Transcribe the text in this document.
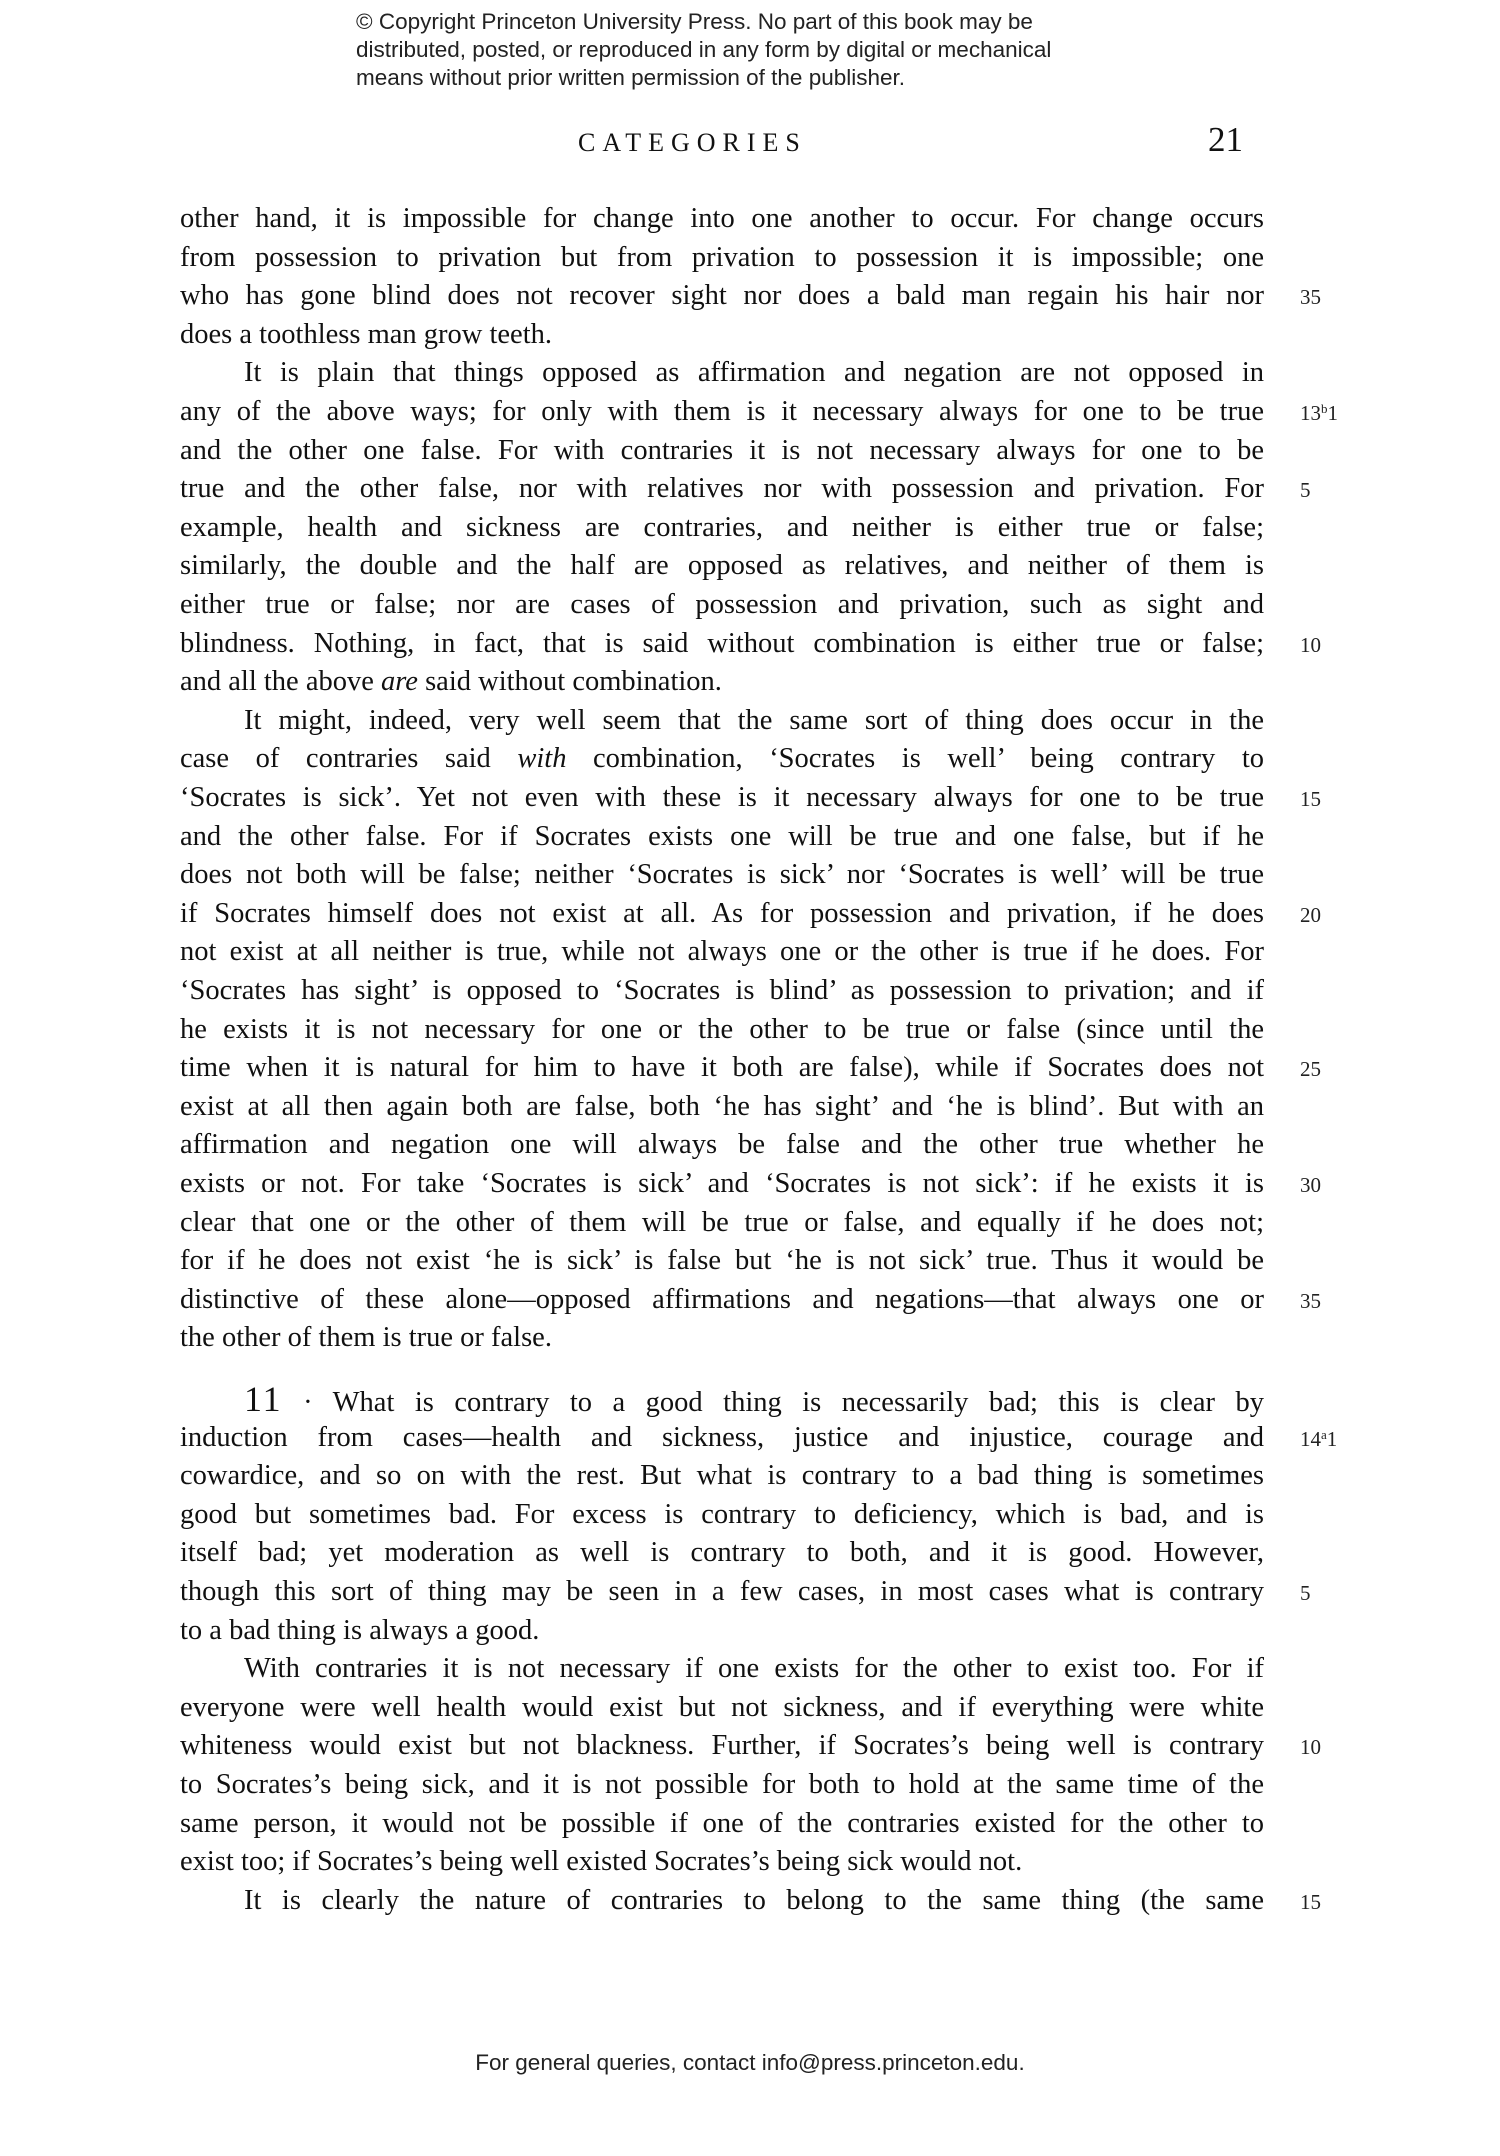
© Copyright Princeton University Press. No part of this book may be
distributed, posted, or reproduced in any form by digital or mechanical
means without prior written permission of the publisher.
CATEGORIES	21
other hand, it is impossible for change into one another to occur. For change occurs
from possession to privation but from privation to possession it is impossible; one
who has gone blind does not recover sight nor does a bald man regain his hair nor
does a toothless man grow teeth.
It is plain that things opposed as affirmation and negation are not opposed in
any of the above ways; for only with them is it necessary always for one to be true
and the other one false. For with contraries it is not necessary always for one to be
true and the other false, nor with relatives nor with possession and privation. For
example, health and sickness are contraries, and neither is either true or false;
similarly, the double and the half are opposed as relatives, and neither of them is
either true or false; nor are cases of possession and privation, such as sight and
blindness. Nothing, in fact, that is said without combination is either true or false;
and all the above are said without combination.
It might, indeed, very well seem that the same sort of thing does occur in the
case of contraries said with combination, ‘Socrates is well’ being contrary to
‘Socrates is sick’. Yet not even with these is it necessary always for one to be true
and the other false. For if Socrates exists one will be true and one false, but if he
does not both will be false; neither ‘Socrates is sick’ nor ‘Socrates is well’ will be true
if Socrates himself does not exist at all. As for possession and privation, if he does
not exist at all neither is true, while not always one or the other is true if he does. For
‘Socrates has sight’ is opposed to ‘Socrates is blind’ as possession to privation; and if
he exists it is not necessary for one or the other to be true or false (since until the
time when it is natural for him to have it both are false), while if Socrates does not
exist at all then again both are false, both ‘he has sight’ and ‘he is blind’. But with an
affirmation and negation one will always be false and the other true whether he
exists or not. For take ‘Socrates is sick’ and ‘Socrates is not sick’: if he exists it is
clear that one or the other of them will be true or false, and equally if he does not;
for if he does not exist ‘he is sick’ is false but ‘he is not sick’ true. Thus it would be
distinctive of these alone—opposed affirmations and negations—that always one or
the other of them is true or false.
11 · What is contrary to a good thing is necessarily bad; this is clear by
induction from cases—health and sickness, justice and injustice, courage and
cowardice, and so on with the rest. But what is contrary to a bad thing is sometimes
good but sometimes bad. For excess is contrary to deficiency, which is bad, and is
itself bad; yet moderation as well is contrary to both, and it is good. However,
though this sort of thing may be seen in a few cases, in most cases what is contrary
to a bad thing is always a good.
With contraries it is not necessary if one exists for the other to exist too. For if
everyone were well health would exist but not sickness, and if everything were white
whiteness would exist but not blackness. Further, if Socrates’s being well is contrary
to Socrates’s being sick, and it is not possible for both to hold at the same time of the
same person, it would not be possible if one of the contraries existed for the other to
exist too; if Socrates’s being well existed Socrates’s being sick would not.
It is clearly the nature of contraries to belong to the same thing (the same
35
13$^b$1
5
10
15
20
25
30
35
14$^a$1
5
10
15
For general queries, contact info@press.princeton.edu.
